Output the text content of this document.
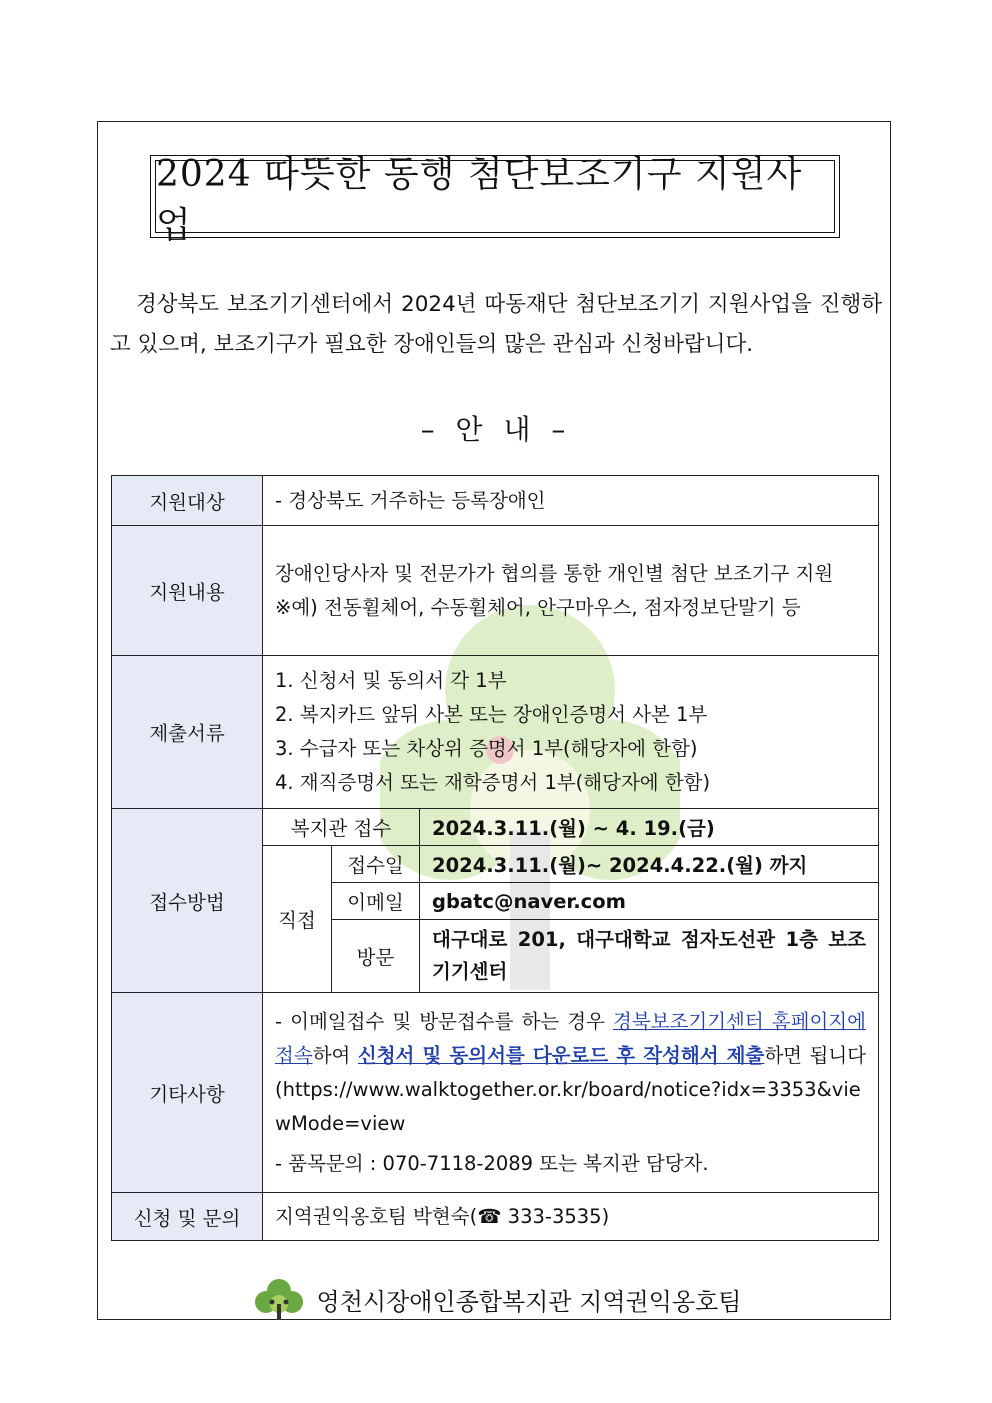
2024 따뜻한 동행 첨단보조기구 지원사업

경상북도 보조기기센터에서 2024년 따동재단 첨단보조기기 지원사업을 진행하고 있으며, 보조기구가 필요한 장애인들의 많은 관심과 신청바랍니다.

– 안 내 –
지원대상	- 경상북도 거주하는 등록장애인		
지원내용	장애인당사자 및 전문가가 협의를 통한 개인별 첨단 보조기구 지원
※예) 전동휠체어, 수동휠체어, 안구마우스, 점자정보단말기 등		

제출서류	1. 신청서 및 동의서 각 1부
2. 복지카드 앞뒤 사본 또는 장애인증명서 사본 1부
3. 수급자 또는 차상위 증명서 1부(해당자에 한함)
4. 재직증명서 또는 재학증명서 1부(해당자에 한함)		

접수방법	복지관 접수		2024.3.11.(월) ~ 4. 19.(금)
	직접	접수일	2024.3.11.(월)~ 2024.4.22.(월) 까지
		이메일	gbatc@naver.com
		방문	대구대로 201, 대구대학교 점자도선관 1층 보조기기센터
기타사항	- 이메일접수 및 방문접수를 하는 경우 경북보조기기센터 홈페이지에 접속하여 신청서 및 동의서를 다운로드 후 작성해서 제출하면 됩니다(https://www.walktogether.or.kr/board/notice?idx=3353&viewMode=view
- 품목문의 : 070-7118-2089 또는 복지관 담당자.		

신청 및 문의	지역권익옹호팀 박현숙(☎ 333-3535)		
영천시장애인종합복지관 지역권익옹호팀
